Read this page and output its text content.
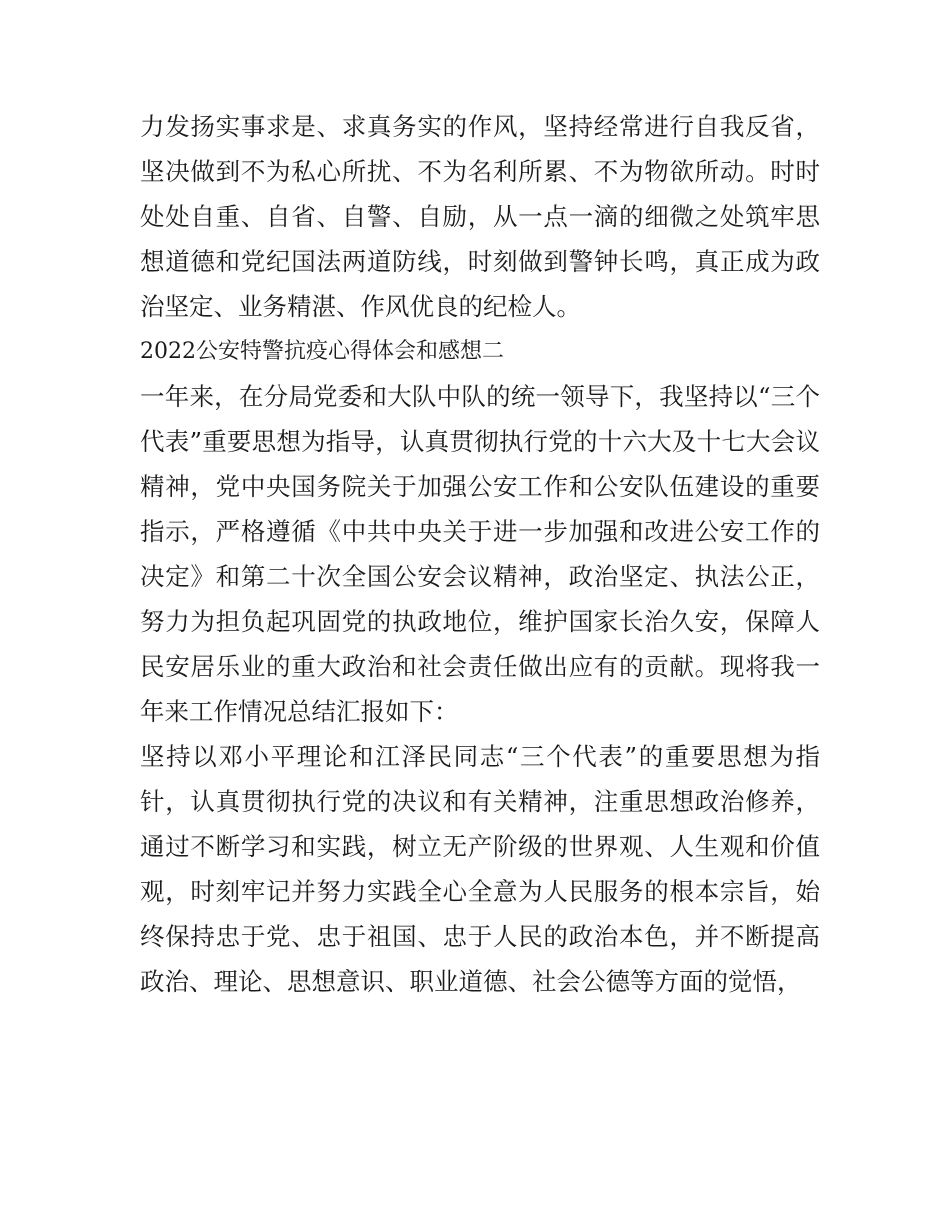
力发扬实事求是、求真务实的作风，坚持经常进行自我反省，坚决做到不为私心所扰、不为名利所累、不为物欲所动。时时处处自重、自省、自警、自励，从一点一滴的细微之处筑牢思想道德和党纪国法两道防线，时刻做到警钟长鸣，真正成为政治坚定、业务精湛、作风优良的纪检人。

2022公安特警抗疫心得体会和感想二

一年来，在分局党委和大队中队的统一领导下，我坚持以“三个代表”重要思想为指导，认真贯彻执行党的十六大及十七大会议精神，党中央国务院关于加强公安工作和公安队伍建设的重要指示，严格遵循《中共中央关于进一步加强和改进公安工作的决定》和第二十次全国公安会议精神，政治坚定、执法公正，努力为担负起巩固党的执政地位，维护国家长治久安，保障人民安居乐业的重大政治和社会责任做出应有的贡献。现将我一年来工作情况总结汇报如下：

坚持以邓小平理论和江泽民同志“三个代表”的重要思想为指针，认真贯彻执行党的决议和有关精神，注重思想政治修养，通过不断学习和实践，树立无产阶级的世界观、人生观和价值观，时刻牢记并努力实践全心全意为人民服务的根本宗旨，始终保持忠于党、忠于祖国、忠于人民的政治本色，并不断提高政治、理论、思想意识、职业道德、社会公德等方面的觉悟，
